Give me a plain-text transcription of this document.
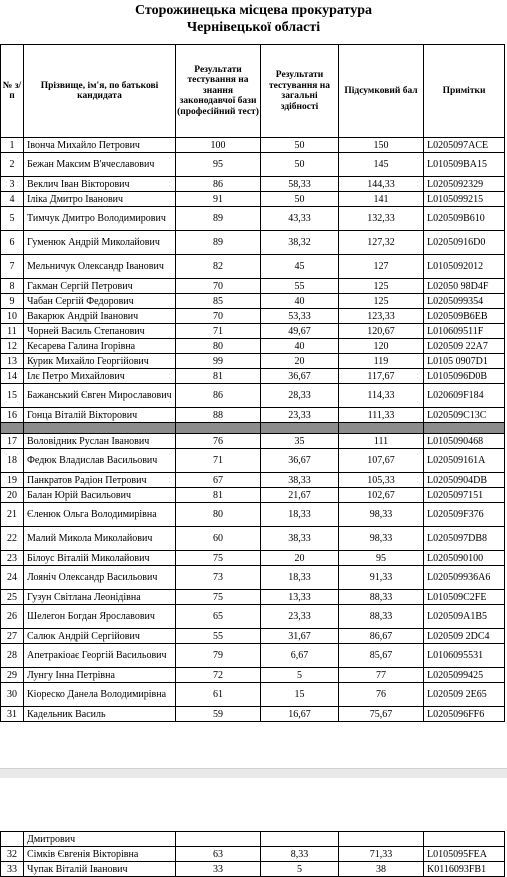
Сторожинецька місцева прокуратура
Чернівецької області
№ з/п	Прізвище, ім'я, по батькові кандидата	Результати тестування на знання законодавчої бази (професійний тест)	Результати тестування на загальні здібності	Підсумковий бал	Примітки
1	Івонча Михайло Петрович	100	50	150	L0205097ACE
2	Бежан Максим В'ячеславович	95	50	145	L010509BA15
3	Веклич Іван Вікторович	86	58,33	144,33	L0205092329
4	Іліка Дмитро Іванович	91	50	141	L0105099215
5	Тимчук Дмитро Володимирович	89	43,33	132,33	L020509B610
6	Гуменюк Андрій Миколайович	89	38,32	127,32	L02050916D0
7	Мельничук Олександр Іванович	82	45	127	L0105092012
8	Гакман Сергій Петрович	70	55	125	L02050 98D4F
9	Чабан Сергій Федорович	85	40	125	L0205099354
10	Вакарюк Андрій Іванович	70	53,33	123,33	L020509B6EB
11	Чорней Василь Степанович	71	49,67	120,67	L010609511F
12	Кесарева Галина Ігорівна	80	40	120	L020509 22A7
13	Курик Михайло Георгійович	99	20	119	L0105 0907D1
14	Ілє Петро Михайлович	81	36,67	117,67	L0105096D0B
15	Бажанський Євген Мирославович	86	28,33	114,33	L020609F184
16	Гонца Віталій Вікторович	88	23,33	111,33	L020509C13C

17	Воловідник Руслан Іванович	76	35	111	L0105090468
18	Федюк Владислав Васильович	71	36,67	107,67	L020509161A
19	Панкратов Радіон Петрович	67	38,33	105,33	L02050904DB
20	Балан Юрій Васильович	81	21,67	102,67	L0205097151
21	Єленюк Ольга Володимирівна	80	18,33	98,33	L020509F376
22	Малий Микола Миколайович	60	38,33	98,33	L0205097DB8
23	Білоус Віталій Миколайович	75	20	95	L0205090100
24	Лояніч Олександр Васильович	73	18,33	91,33	L020509936A6
25	Гузун Світлана Леонідівна	75	13,33	88,33	L010509C2FE
26	Шелегон Богдан Ярославович	65	23,33	88,33	L020509A1B5
27	Салюк Андрій Сергійович	55	31,67	86,67	L020509 2DC4
28	Апетракіоає Георгій Васильович	79	6,67	85,67	L0106095531
29	Лунгу Інна Петрівна	72	5	77	L0205099425
30	Кіореско Данела Володимирівна	61	15	76	L020509 2E65
31	Кадельник Василь	59	16,67	75,67	L0205096FF6
	Дмитрович				
32	Сімків Євгенія Вікторівна	63	8,33	71,33	L0105095FEA
33	Чупак Віталій Іванович	33	5	38	K0116093FB1
